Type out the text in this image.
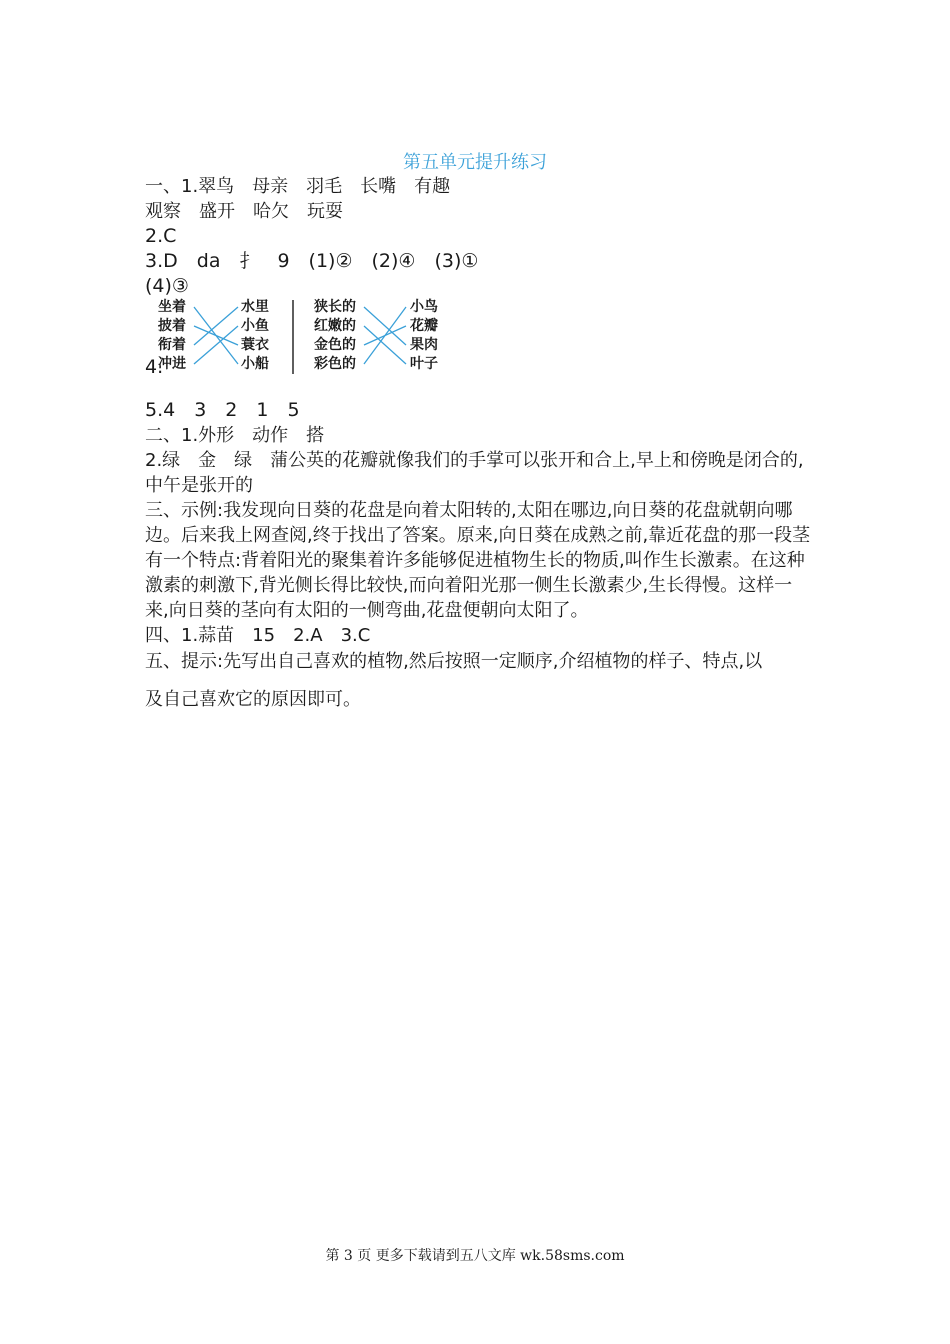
第五单元提升练习
一、1.翠鸟　母亲　羽毛　长嘴　有趣
观察　盛开　哈欠　玩耍
2.C
3.D　da　扌　9　(1)②　(2)④　(3)①
(4)③
4.
坐着
披着
衔着
冲进
水里
小鱼
蓑衣
小船
狭长的
红嫩的
金色的
彩色的
小鸟
花瓣
果肉
叶子
5.4　3　2　1　5
二、1.外形　动作　搭
2.绿　金　绿　蒲公英的花瓣就像我们的手掌可以张开和合上,早上和傍晚是闭合的,中午是张开的
三、示例:我发现向日葵的花盘是向着太阳转的,太阳在哪边,向日葵的花盘就朝向哪边。后来我上网查阅,终于找出了答案。原来,向日葵在成熟之前,靠近花盘的那一段茎有一个特点:背着阳光的聚集着许多能够促进植物生长的物质,叫作生长激素。在这种激素的刺激下,背光侧长得比较快,而向着阳光那一侧生长激素少,生长得慢。这样一来,向日葵的茎向有太阳的一侧弯曲,花盘便朝向太阳了。
四、1.蒜苗　15　2.A　3.C
五、提示:先写出自己喜欢的植物,然后按照一定顺序,介绍植物的样子、特点,以
及自己喜欢它的原因即可。
第 3 页 更多下载请到五八文库 wk.58sms.com
